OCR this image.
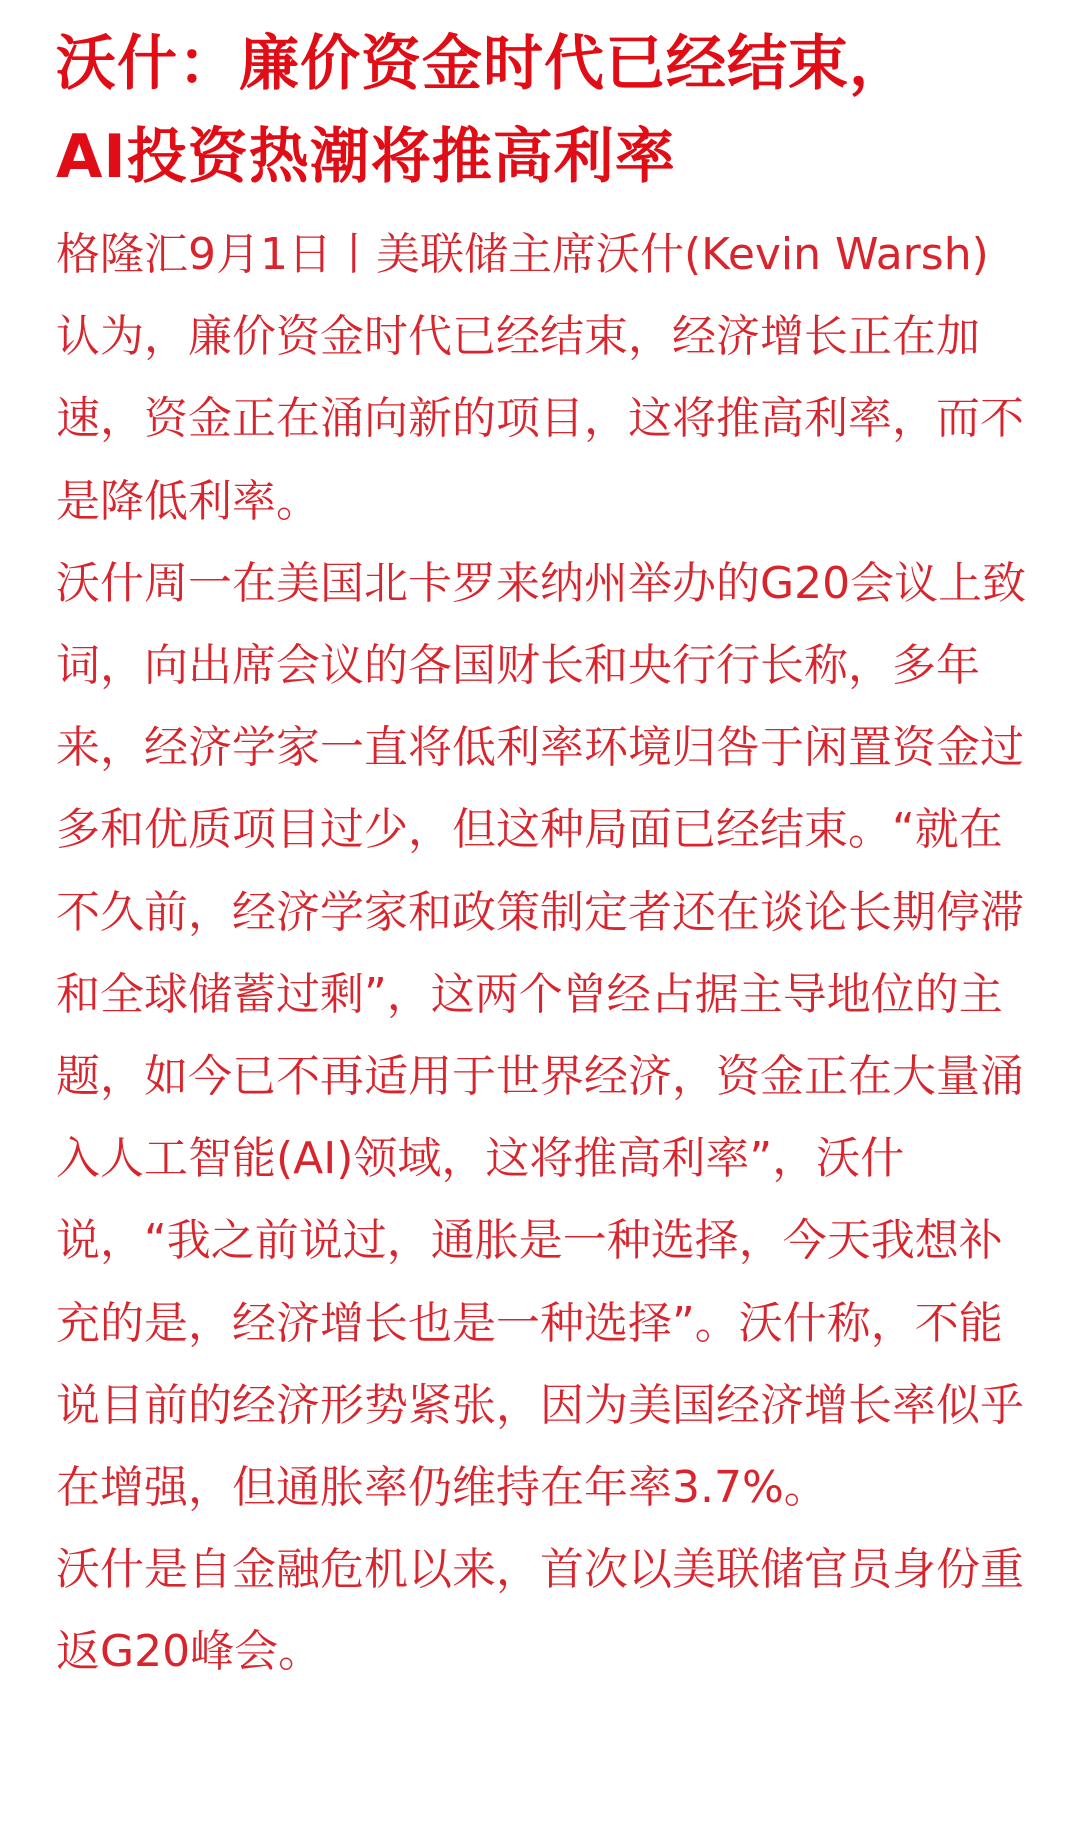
沃什：廉价资金时代已经结束，
AI投资热潮将推高利率

格隆汇9月1日丨美联储主席沃什(Kevin Warsh)认为，廉价资金时代已经结束，经济增长正在加速，资金正在涌向新的项目，这将推高利率，而不是降低利率。

沃什周一在美国北卡罗来纳州举办的G20会议上致词，向出席会议的各国财长和央行行长称，多年来，经济学家一直将低利率环境归咎于闲置资金过多和优质项目过少，但这种局面已经结束。“就在不久前，经济学家和政策制定者还在谈论长期停滞和全球储蓄过剩”，这两个曾经占据主导地位的主题，如今已不再适用于世界经济，资金正在大量涌入人工智能(AI)领域，这将推高利率”，沃什说，“我之前说过，通胀是一种选择，今天我想补充的是，经济增长也是一种选择”。沃什称，不能说目前的经济形势紧张，因为美国经济增长率似乎在增强，但通胀率仍维持在年率3.7%。

沃什是自金融危机以来，首次以美联储官员身份重返G20峰会。
